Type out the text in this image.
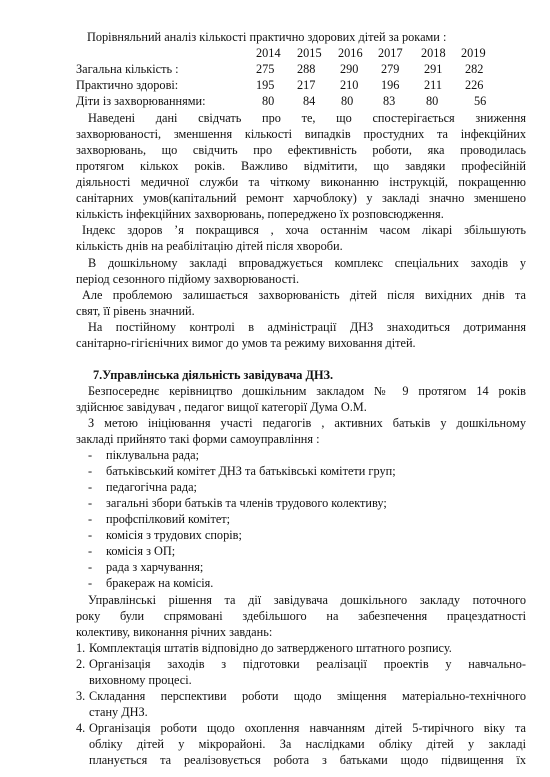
Порівняльний аналіз кількості практично здорових дітей за роками :
2014 2015 2016 2017 2018 2019
Загальна кількість :	275 288 290 279 291 282
Практично здорові:	195 217 210 196 211 226
Діти із захворюваннями:	80 84 80 83 80	56
Наведені дані свідчать про те, що спостерігається зниження
захворюваності, зменшення кількості випадків простудних та інфекційних
захворювань, що свідчить про ефективність роботи, яка проводилась
протягом кількох років. Важливо відмітити, що завдяки професійній
діяльності медичної служби та чіткому виконанню інструкцій, покращенню
санітарних умов(капітальний ремонт харчоблоку) у закладі значно зменшено
кількість інфекційних захворювань, попереджено їх розповсюдження.
Індекс здоров ’я покращився , хоча останнім часом лікарі збільшують
кількість днів на реабілітацію дітей після хвороби.
В дошкільному закладі впроваджується комплекс спеціальних заходів у
період сезонного підйому захворюваності.
Але проблемою залишається захворюваність дітей після вихідних днів та
свят, її рівень значний.
На постійному контролі в адміністрації ДНЗ знаходиться дотримання
санітарно-гігієнічних вимог до умов та режиму виховання дітей.
7.Управлінська діяльність завідувача ДНЗ.
Безпосереднє керівництво дошкільним закладом № 9 протягом 14 років
здійснює завідувач , педагог вищої категорії Дума О.М.
З метою ініціювання участі педагогів , активних батьків у дошкільному
закладі прийнято такі форми самоуправління :
- піклувальна рада;
- батьківський комітет ДНЗ та батьківські комітети груп;
- педагогічна рада;
- загальні збори батьків та членів трудового колективу;
- профспілковий комітет;
- комісія з трудових спорів;
- комісія з ОП;
- рада з харчування;
- бракераж на комісія.
Управлінські рішення та дії завідувача дошкільного закладу поточного
року були спрямовані здебільшого на забезпечення працездатності
колективу, виконання річних завдань:
1. Комплектація штатів відповідно до затвердженого штатного розпису.
2. Організація заходів з підготовки реалізації проектів у навчально-
виховному процесі.
3. Складання перспективи роботи щодо зміщення матеріально-технічного
стану ДНЗ.
4. Організація роботи щодо охоплення навчанням дітей 5-тирічного віку та
обліку дітей у мікрорайоні. За наслідками обліку дітей у закладі
планується та реалізовується робота з батьками щодо підвищення їх
